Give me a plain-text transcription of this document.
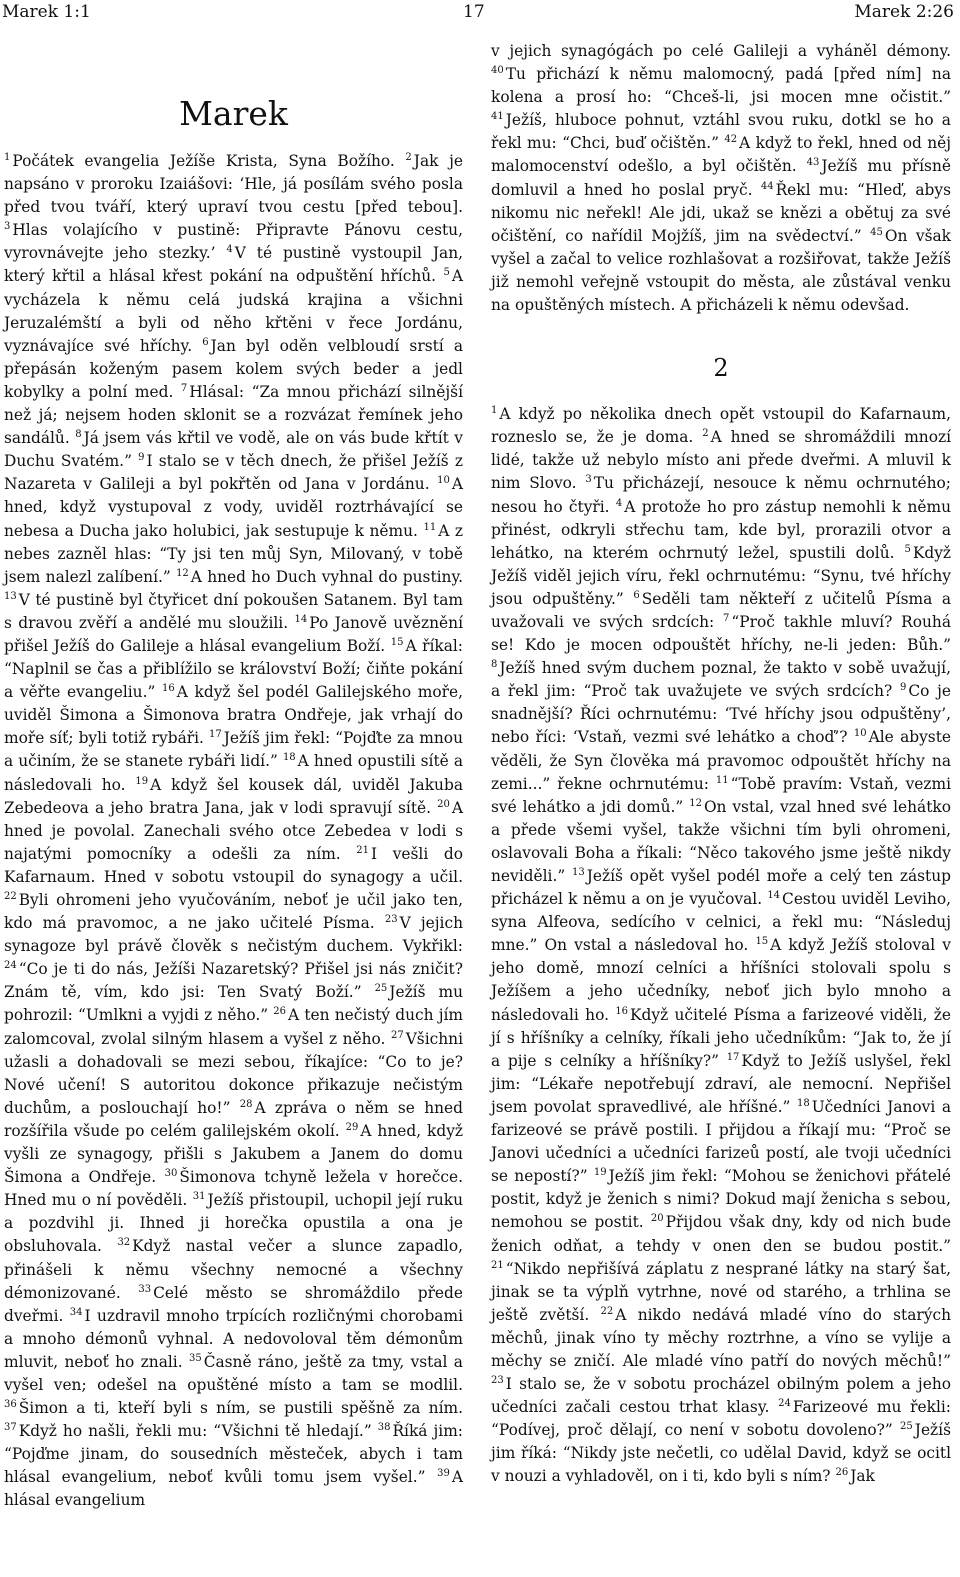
Marek 1:1	17	Marek 2:26
Marek

$^1$ Počátek evangelia Ježíše Krista, Syna Božího. $^2$ Jak je napsáno v proroku Izaiášovi: ‘Hle, já posílám svého posla před tvou tváří, který upraví tvou cestu [před tebou]. $^3$ Hlas volajícího v pustině: Připravte Pánovu cestu, vyrovnávejte jeho stezky.’ $^4$ V té pustině vystoupil Jan, který křtil a hlásal křest pokání na odpuštění hříchů. $^5$ A vycházela k němu celá judská krajina a všichni Jeruzalémští a byli od něho křtěni v řece Jordánu, vyznávajíce své hříchy. $^6$ Jan byl oděn velbloudí srstí a přepásán koženým pasem kolem svých beder a jedl kobylky a polní med. $^7$ Hlásal: “Za mnou přichází silnější než já; nejsem hoden sklonit se a rozvázat řemínek jeho sandálů. $^8$ Já jsem vás křtil ve vodě, ale on vás bude křtít v Duchu Svatém.” $^9$ I stalo se v těch dnech, že přišel Ježíš z Nazareta v Galileji a byl pokřtěn od Jana v Jordánu. $^{10}$ A hned, když vystupoval z vody, uviděl roztrhávající se nebesa a Ducha jako holubici, jak sestupuje k němu. $^{11}$ A z nebes zazněl hlas: “Ty jsi ten můj Syn, Milovaný, v tobě jsem nalezl zalíbení.” $^{12}$ A hned ho Duch vyhnal do pustiny. $^{13}$ V té pustině byl čtyřicet dní pokoušen Satanem. Byl tam s dravou zvěří a andělé mu sloužili. $^{14}$ Po Janově uvěznění přišel Ježíš do Galileje a hlásal evangelium Boží. $^{15}$ A říkal: “Naplnil se čas a přiblížilo se království Boží; čiňte pokání a věřte evangeliu.” $^{16}$ A když šel podél Galilejského moře, uviděl Šimona a Šimonova bratra Ondřeje, jak vrhají do moře síť; byli totiž rybáři. $^{17}$ Ježíš jim řekl: “Pojďte za mnou a učiním, že se stanete rybáři lidí.” $^{18}$ A hned opustili sítě a následovali ho. $^{19}$ A když šel kousek dál, uviděl Jakuba Zebedeova a jeho bratra Jana, jak v lodi spravují sítě. $^{20}$ A hned je povolal. Zanechali svého otce Zebedea v lodi s najatými pomocníky a odešli za ním. $^{21}$ I vešli do Kafarnaum. Hned v sobotu vstoupil do synagogy a učil. $^{22}$ Byli ohromeni jeho vyučováním, neboť je učil jako ten, kdo má pravomoc, a ne jako učitelé Písma. $^{23}$ V jejich synagoze byl právě člověk s nečistým duchem. Vykřikl: $^{24}$ “Co je ti do nás, Ježíši Nazaretský? Přišel jsi nás zničit? Znám tě, vím, kdo jsi: Ten Svatý Boží.” $^{25}$ Ježíš mu pohrozil: “Umlkni a vyjdi z něho.” $^{26}$ A ten nečistý duch jím zalomcoval, zvolal silným hlasem a vyšel z něho. $^{27}$ Všichni užasli a dohadovali se mezi sebou, říkajíce: “Co to je? Nové učení! S autoritou dokonce přikazuje nečistým duchům, a poslouchají ho!” $^{28}$ A zpráva o něm se hned rozšířila všude po celém galilejském okolí. $^{29}$ A hned, když vyšli ze synagogy, přišli s Jakubem a Janem do domu Šimona a Ondřeje. $^{30}$ Šimonova tchyně ležela v horečce. Hned mu o ní pověděli. $^{31}$ Ježíš přistoupil, uchopil její ruku a pozdvihl ji. Ihned ji horečka opustila a ona je obsluhovala. $^{32}$ Když nastal večer a slunce zapadlo, přinášeli k němu všechny nemocné a všechny démonizované. $^{33}$ Celé město se shromáždilo přede dveřmi. $^{34}$ I uzdravil mnoho trpících rozličnými chorobami a mnoho démonů vyhnal. A nedovoloval těm démonům mluvit, neboť ho znali. $^{35}$ Časně ráno, ještě za tmy, vstal a vyšel ven; odešel na opuštěné místo a tam se modlil. $^{36}$ Šimon a ti, kteří byli s ním, se pustili spěšně za ním. $^{37}$ Když ho našli, řekli mu: “Všichni tě hledají.” $^{38}$ Říká jim: “Pojďme jinam, do sousedních městeček, abych i tam hlásal evangelium, neboť kvůli tomu jsem vyšel.” $^{39}$ A hlásal evangelium

v jejich synagógách po celé Galileji a vyháněl démony. $^{40}$ Tu přichází k němu malomocný, padá [před ním] na kolena a prosí ho: “Chceš-li, jsi mocen mne očistit.” $^{41}$ Ježíš, hluboce pohnut, vztáhl svou ruku, dotkl se ho a řekl mu: “Chci, buď očištěn.” $^{42}$ A když to řekl, hned od něj malomocenství odešlo, a byl očištěn. $^{43}$ Ježíš mu přísně domluvil a hned ho poslal pryč. $^{44}$ Řekl mu: “Hleď, abys nikomu nic neřekl! Ale jdi, ukaž se knězi a obětuj za své očištění, co nařídil Mojžíš, jim na svědectví.” $^{45}$ On však vyšel a začal to velice rozhlašovat a rozšiřovat, takže Ježíš již nemohl veřejně vstoupit do města, ale zůstával venku na opuštěných místech. A přicházeli k němu odevšad.

2

$^1$ A když po několika dnech opět vstoupil do Kafarnaum, rozneslo se, že je doma. $^2$ A hned se shromáždili mnozí lidé, takže už nebylo místo ani přede dveřmi. A mluvil k nim Slovo. $^3$ Tu přicházejí, nesouce k němu ochrnutého; nesou ho čtyři. $^4$ A protože ho pro zástup nemohli k němu přinést, odkryli střechu tam, kde byl, prorazili otvor a lehátko, na kterém ochrnutý ležel, spustili dolů. $^5$ Když Ježíš viděl jejich víru, řekl ochrnutému: “Synu, tvé hříchy jsou odpuštěny.” $^6$ Seděli tam někteří z učitelů Písma a uvažovali ve svých srdcích: $^7$ “Proč takhle mluví? Rouhá se! Kdo je mocen odpouštět hříchy, ne-li jeden: Bůh.” $^8$ Ježíš hned svým duchem poznal, že takto v sobě uvažují, a řekl jim: “Proč tak uvažujete ve svých srdcích? $^9$ Co je snadnější? Říci ochrnutému: ‘Tvé hříchy jsou odpuštěny’, nebo říci: ‘Vstaň, vezmi své lehátko a choď’? $^{10}$ Ale abyste věděli, že Syn člověka má pravomoc odpouštět hříchy na zemi...” řekne ochrnutému: $^{11}$ “Tobě pravím: Vstaň, vezmi své lehátko a jdi domů.” $^{12}$ On vstal, vzal hned své lehátko a přede všemi vyšel, takže všichni tím byli ohromeni, oslavovali Boha a říkali: “Něco takového jsme ještě nikdy neviděli.” $^{13}$ Ježíš opět vyšel podél moře a celý ten zástup přicházel k němu a on je vyučoval. $^{14}$ Cestou uviděl Leviho, syna Alfeova, sedícího v celnici, a řekl mu: “Následuj mne.” On vstal a následoval ho. $^{15}$ A když Ježíš stoloval v jeho domě, mnozí celníci a hříšníci stolovali spolu s Ježíšem a jeho učedníky, neboť jich bylo mnoho a následovali ho. $^{16}$ Když učitelé Písma a farizeové viděli, že jí s hříšníky a celníky, říkali jeho učedníkům: “Jak to, že jí a pije s celníky a hříšníky?” $^{17}$ Když to Ježíš uslyšel, řekl jim: “Lékaře nepotřebují zdraví, ale nemocní. Nepřišel jsem povolat spravedlivé, ale hříšné.” $^{18}$ Učedníci Janovi a farizeové se právě postili. I přijdou a říkají mu: “Proč se Janovi učedníci a učedníci farizeů postí, ale tvoji učedníci se nepostí?” $^{19}$ Ježíš jim řekl: “Mohou se ženichovi přátelé postit, když je ženich s nimi? Dokud mají ženicha s sebou, nemohou se postit. $^{20}$ Přijdou však dny, kdy od nich bude ženich odňat, a tehdy v onen den se budou postit.” $^{21}$ “Nikdo nepřišívá záplatu z nesprané látky na starý šat, jinak se ta výplň vytrhne, nové od starého, a trhlina se ještě zvětší. $^{22}$ A nikdo nedává mladé víno do starých měchů, jinak víno ty měchy roztrhne, a víno se vylije a měchy se zničí. Ale mladé víno patří do nových měchů!” $^{23}$ I stalo se, že v sobotu procházel obilným polem a jeho učedníci začali cestou trhat klasy. $^{24}$ Farizeové mu řekli: “Podívej, proč dělají, co není v sobotu dovoleno?” $^{25}$ Ježíš jim říká: “Nikdy jste nečetli, co udělal David, když se ocitl v nouzi a vyhladověl, on i ti, kdo byli s ním? $^{26}$ Jak
